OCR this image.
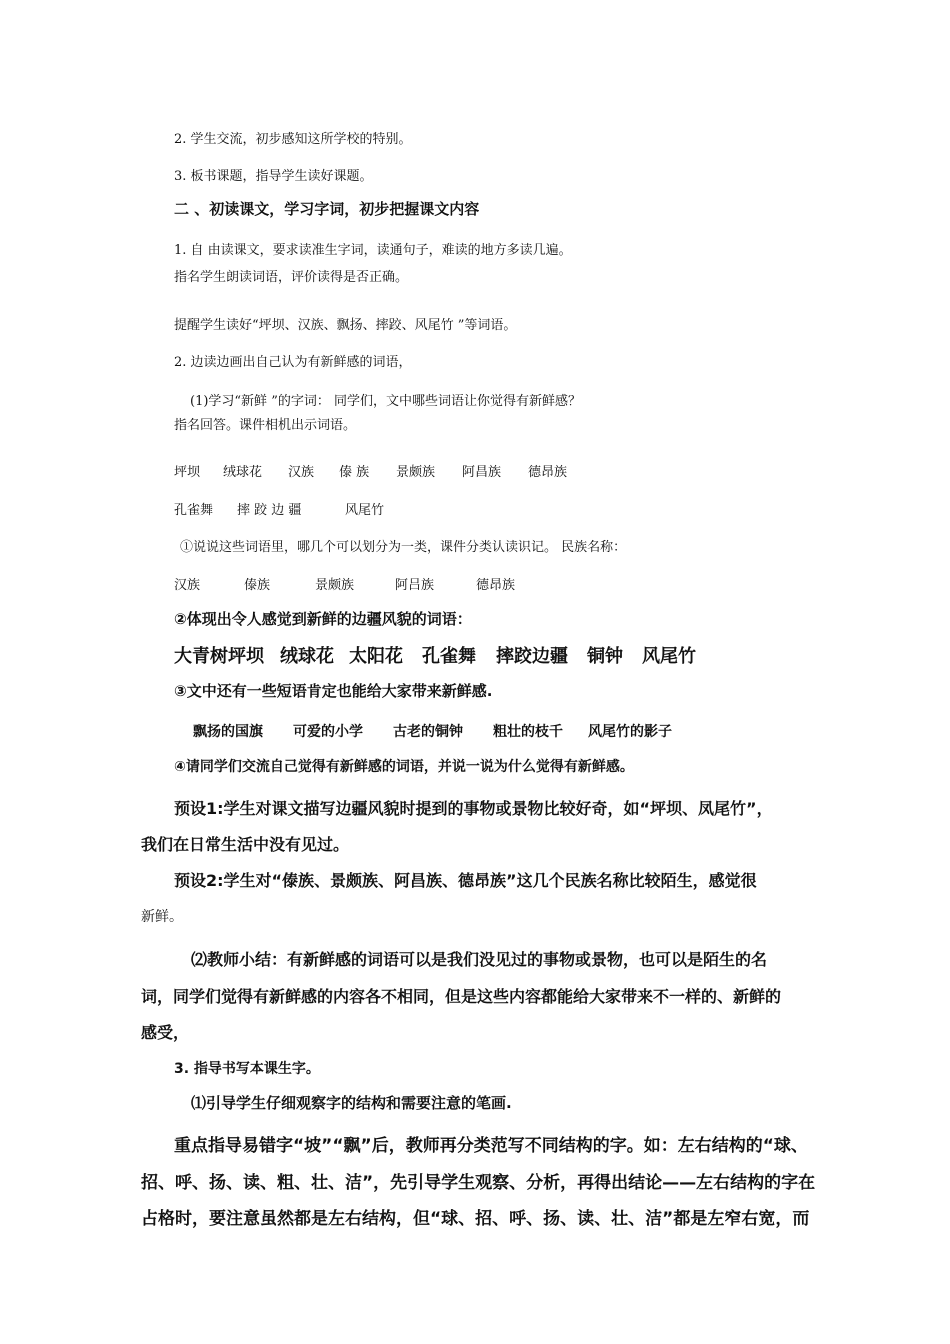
2. 学生交流，初步感知这所学校的特别。

3. 板书课题，指导学生读好课题。

二 、初读课文，学习字词，初步把握课文内容

1. 自 由读课文，要求读准生字词，读通句子，难读的地方多读几遍。

指名学生朗读词语，评价读得是否正确。

提醒学生读好“坪坝、汉族、飘扬、摔跤、风尾竹 ”等词语。

2. 边读边画出自己认为有新鲜感的词语，

(1)学习“新鲜 ”的字词： 同学们，文中哪些词语让你觉得有新鲜感？

指名回答。课件相机出示词语。

坪坝 绒球花 汉族 傣 族 景颇族 阿昌族 德昂族
孔雀舞 摔 跤 边 疆	风尾竹

①说说这些词语里，哪几个可以划分为一类，课件分类认读识记。 民族名称：

汉族	傣族	景颇族	阿吕族	德昂族

②体现出令人感觉到新鲜的边疆风貌的词语：

大青树坪坝 绒球花 太阳花 孔雀舞 摔跤边疆 铜钟 风尾竹

③文中还有一些短语肯定也能给大家带来新鲜感.

飘扬的国旗 可爱的小学 古老的铜钟 粗壮的枝千 风尾竹的影子

④请同学们交流自己觉得有新鲜感的词语，并说一说为什么觉得有新鲜感。

预设1:学生对课文描写边疆风貌时提到的事物或景物比较好奇，如“坪坝、凤尾竹”，

我们在日常生活中没有见过。

预设2:学生对“傣族、景颇族、阿昌族、德昂族”这几个民族名称比较陌生，感觉很

新鲜。

⑵教师小结：有新鲜感的词语可以是我们没见过的事物或景物，也可以是陌生的名

词，同学们觉得有新鲜感的内容各不相同，但是这些内容都能给大家带来不一样的、新鲜的

感受，

3. 指导书写本课生字。

⑴引导学生仔细观察字的结构和需要注意的笔画.

重点指导易错字“坡”“飘”后，教师再分类范写不同结构的字。如：左右结构的“球、

招、呼、扬、读、粗、壮、洁”，先引导学生观察、分析，再得出结论——左右结构的字在

占格时，要注意虽然都是左右结构，但“球、招、呼、扬、读、壮、洁”都是左窄右宽，而
